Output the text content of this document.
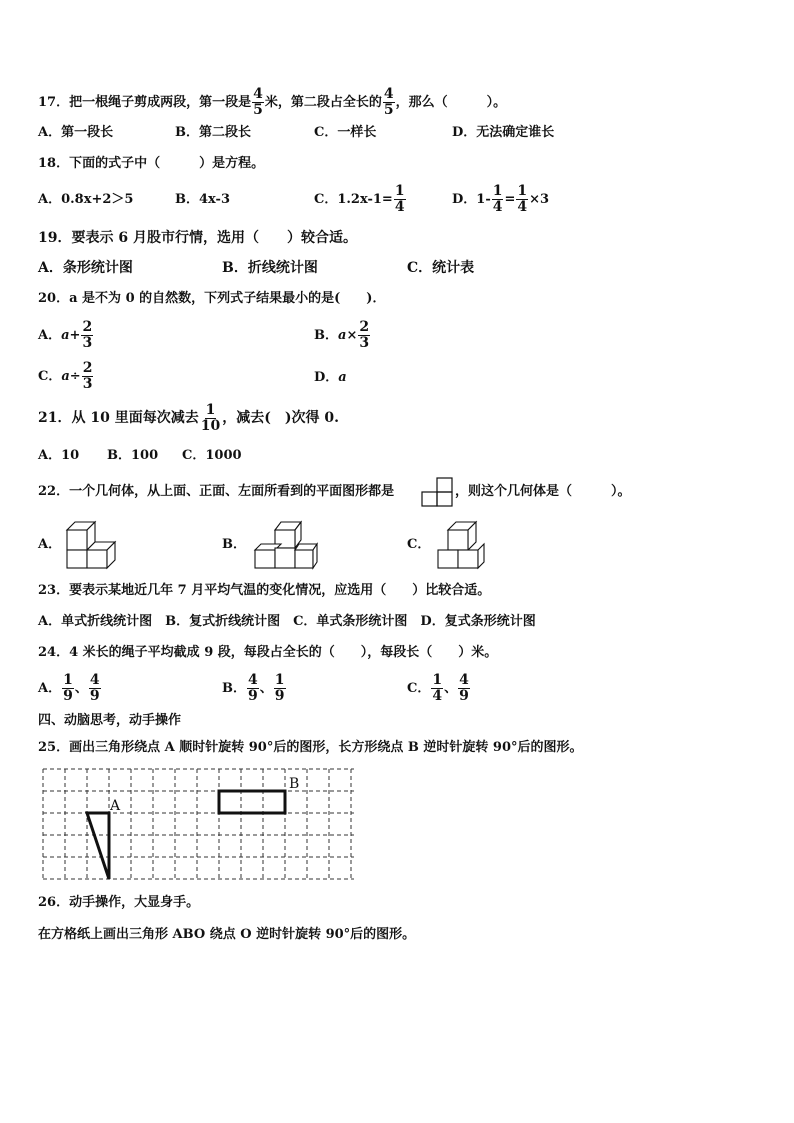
17．把一根绳子剪成两段，第一段是 $\frac{4}{5}$ 米，第二段占全长的 $\frac{4}{5}$ ，那么（　　　）。
A．第一段长	B．第二段长	C．一样长	D．无法确定谁长
18．下面的式子中（　　　）是方程。
A．0.8x+2＞5	B．4x-3	C．$1.2x-1= \frac{1}{4}$	D．$1- \frac{1}{4} = \frac{1}{4} \times 3$
19．要表示 6 月股市行情，选用（　　）较合适。
A．条形统计图	B．折线统计图	C．统计表
20．a 是不为 0 的自然数，下列式子结果最小的是(　　)．
A．$a+ \frac{2}{3}$	B．$a\times \frac{2}{3}$
C．$a\div \frac{2}{3}$	D．a
21．从 10 里面每次减去 $\frac{1}{10}$ ，减去(　)次得 0.
A．10 B．100 C．1000
22．一个几何体，从上面、正面、左面所看到的平面图形都是	，则这个几何体是（　　　）。
A．	B．	C．
23．要表示某地近几年 7 月平均气温的变化情况，应选用（　　）比较合适。
A．单式折线统计图　B．复式折线统计图　C．单式条形统计图　D．复式条形统计图
24．4 米长的绳子平均截成 9 段，每段占全长的（　　），每段长（　　）米。
A． $\frac{1}{9}$ 、 $\frac{4}{9}$	B． $\frac{4}{9}$ 、 $\frac{1}{9}$	C． $\frac{1}{4}$ 、 $\frac{4}{9}$
四、动脑思考，动手操作
25．画出三角形绕点 A 顺时针旋转 90°后的图形，长方形绕点 B 逆时针旋转 90°后的图形。
A
B
26．动手操作，大显身手。
在方格纸上画出三角形 ABO 绕点 O 逆时针旋转 90°后的图形。
